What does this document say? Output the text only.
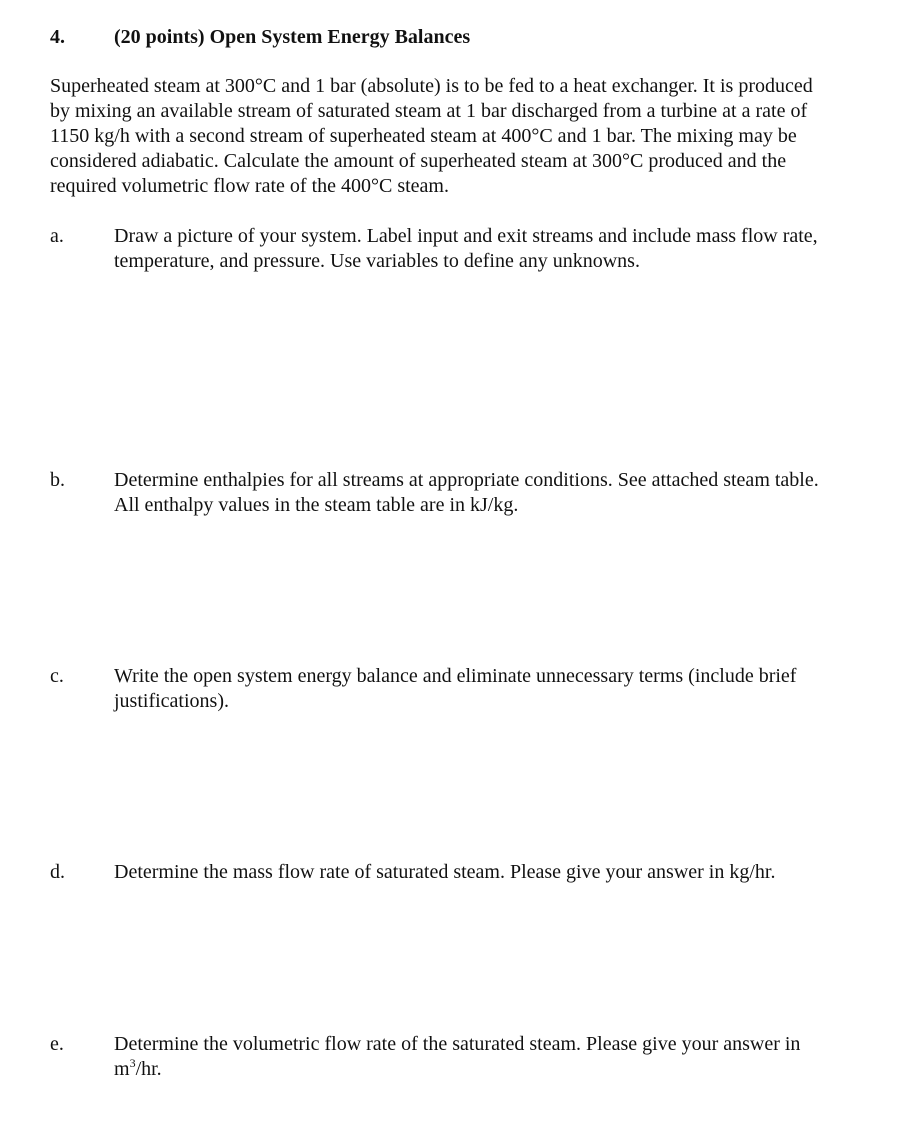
4. (20 points) Open System Energy Balances
Superheated steam at 300°C and 1 bar (absolute) is to be fed to a heat exchanger. It is produced
by mixing an available stream of saturated steam at 1 bar discharged from a turbine at a rate of
1150 kg/h with a second stream of superheated steam at 400°C and 1 bar. The mixing may be
considered adiabatic. Calculate the amount of superheated steam at 300°C produced and the
required volumetric flow rate of the 400°C steam.
a.	Draw a picture of your system. Label input and exit streams and include mass flow rate,
temperature, and pressure. Use variables to define any unknowns.
b. Determine enthalpies for all streams at appropriate conditions. See attached steam table.
All enthalpy values in the steam table are in kJ/kg.
c.	Write the open system energy balance and eliminate unnecessary terms (include brief
justifications).
d. Determine the mass flow rate of saturated steam. Please give your answer in kg/hr.
e.	Determine the volumetric flow rate of the saturated steam. Please give your answer in
$m^3/hr$.
